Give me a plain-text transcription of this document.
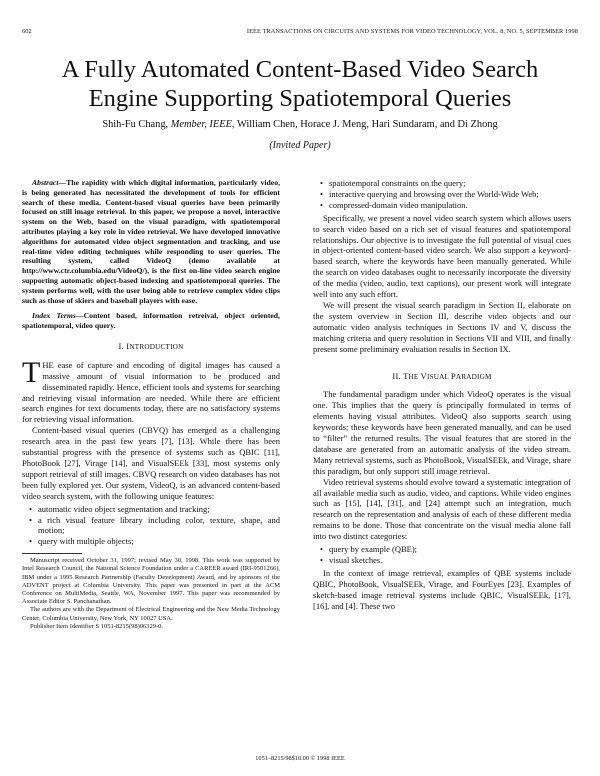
602	IEEE TRANSACTIONS ON CIRCUITS AND SYSTEMS FOR VIDEO TECHNOLOGY, VOL. 8, NO. 5, SEPTEMBER 1998
A Fully Automated Content-Based Video Search
Engine Supporting Spatiotemporal Queries
Shih-Fu Chang, Member, IEEE, William Chen, Horace J. Meng, Hari Sundaram, and Di Zhong
(Invited Paper)

Abstract—The rapidity with which digital information, particularly video, is being generated has necessitated the development of tools for efficient search of these media. Content-based visual queries have been primarily focused on still image retrieval. In this paper, we propose a novel, interactive system on the Web, based on the visual paradigm, with spatiotemporal attributes playing a key role in video retrieval. We have developed innovative algorithms for automated video object segmentation and tracking, and use real-time video editing techniques while responding to user queries. The resulting system, called VideoQ (demo available at http://www.ctr.columbia.edu/VideoQ/), is the first on-line video search engine supporting automatic object-based indexing and spatiotemporal queries. The system performs well, with the user being able to retrieve complex video clips such as those of skiers and baseball players with ease.

Index Terms—Content based, information retreival, object oriented, spatiotemporal, video query.

I. INTRODUCTION

THE ease of capture and encoding of digital images has caused a massive amount of visual information to be produced and disseminated rapidly. Hence, efficient tools and systems for searching and retrieving visual information are needed. While there are efficient search engines for text documents today, there are no satisfactory systems for retrieving visual information.

Content-based visual queries (CBVQ) has emerged as a challenging research area in the past few years [7], [13]. While there has been substantial progress with the presence of systems such as QBIC [11], PhotoBook [27], Virage [14], and VisualSEEk [33], most systems only support retrieval of still images. CBVQ research on video databases has not been fully explored yet. Our system, VideoQ, is an advanced content-based video search system, with the following unique features:

• automatic video object segmentation and tracking;
• a rich visual feature library including color, texture, shape, and motion;
• query with multiple objects;

Manuscript received October 31, 1997; revised May 30, 1998. This work was supported by Intel Research Council, the National Science Foundation under a CAREER award (IRI-9501266), IBM under a 1995 Research Partnership (Faculty Development) Award, and by sponsors of the ADVENT project at Columbia University. This paper was presented in part at the ACM Conference on MultiMedia, Seattle, WA, November 1997. This paper was recommended by Associate Editor S. Panchanathan.

The authors are with the Department of Electrical Engineering and the New Media Technology Center, Columbia University, New York, NY 10027 USA.

Publisher Item Identifier S 1051-8215(98)06329-0.

• spatiotemporal constraints on the query;
• interactive querying and browsing over the World-Wide Web;
• compressed-domain video manipulation.

Specifically, we present a novel video search system which allows users to search video based on a rich set of visual features and spatiotemporal relationships. Our objective is to investigate the full potential of visual cues in object-oriented content-based video search. We also support a keyword-based search, where the keywords have been manually generated. While the search on video databases ought to necessarily incorporate the diversity of the media (video, audio, text captions), our present work will integrate well into any such effort.

We will present the visual search paradigm in Section II, elaborate on the system overview in Section III, describe video objects and our automatic video analysis techniques in Sections IV and V, discuss the matching criteria and query resolution in Sections VII and VIII, and finally present some preliminary evaluation results in Section IX.

II. THE VISUAL PARADIGM

The fundamental paradigm under which VideoQ operates is the visual one. This implies that the query is principally formulated in terms of elements having visual attributes. VideoQ also supports search using keywords; these keywords have been generated manually, and can be used to “filter” the returned results. The visual features that are stored in the database are generated from an automatic analysis of the video stream. Many retrieval systems, such as PhotoBook, VisualSEEk, and Virage, share this paradigm, but only support still image retrieval.

Video retrieval systems should evolve toward a systematic integration of all available media such as audio, video, and captions. While video engines such as [15], [14], [31], and [24] attempt such an integration, much research on the representation and analysis of each of these different media remains to be done. Those that concentrate on the visual media alone fall into two distinct categories:

• query by example (QBE);
• visual sketches.

In the context of image retrieval, examples of QBE systems include QBIC, PhotoBook, VisualSEEk, Virage, and FourEyes [23]. Examples of sketch-based image retrieval systems include QBIC, VisualSEEk, [17], [16], and [4]. These two

1051–8215/98$10.00 © 1998 IEEE
